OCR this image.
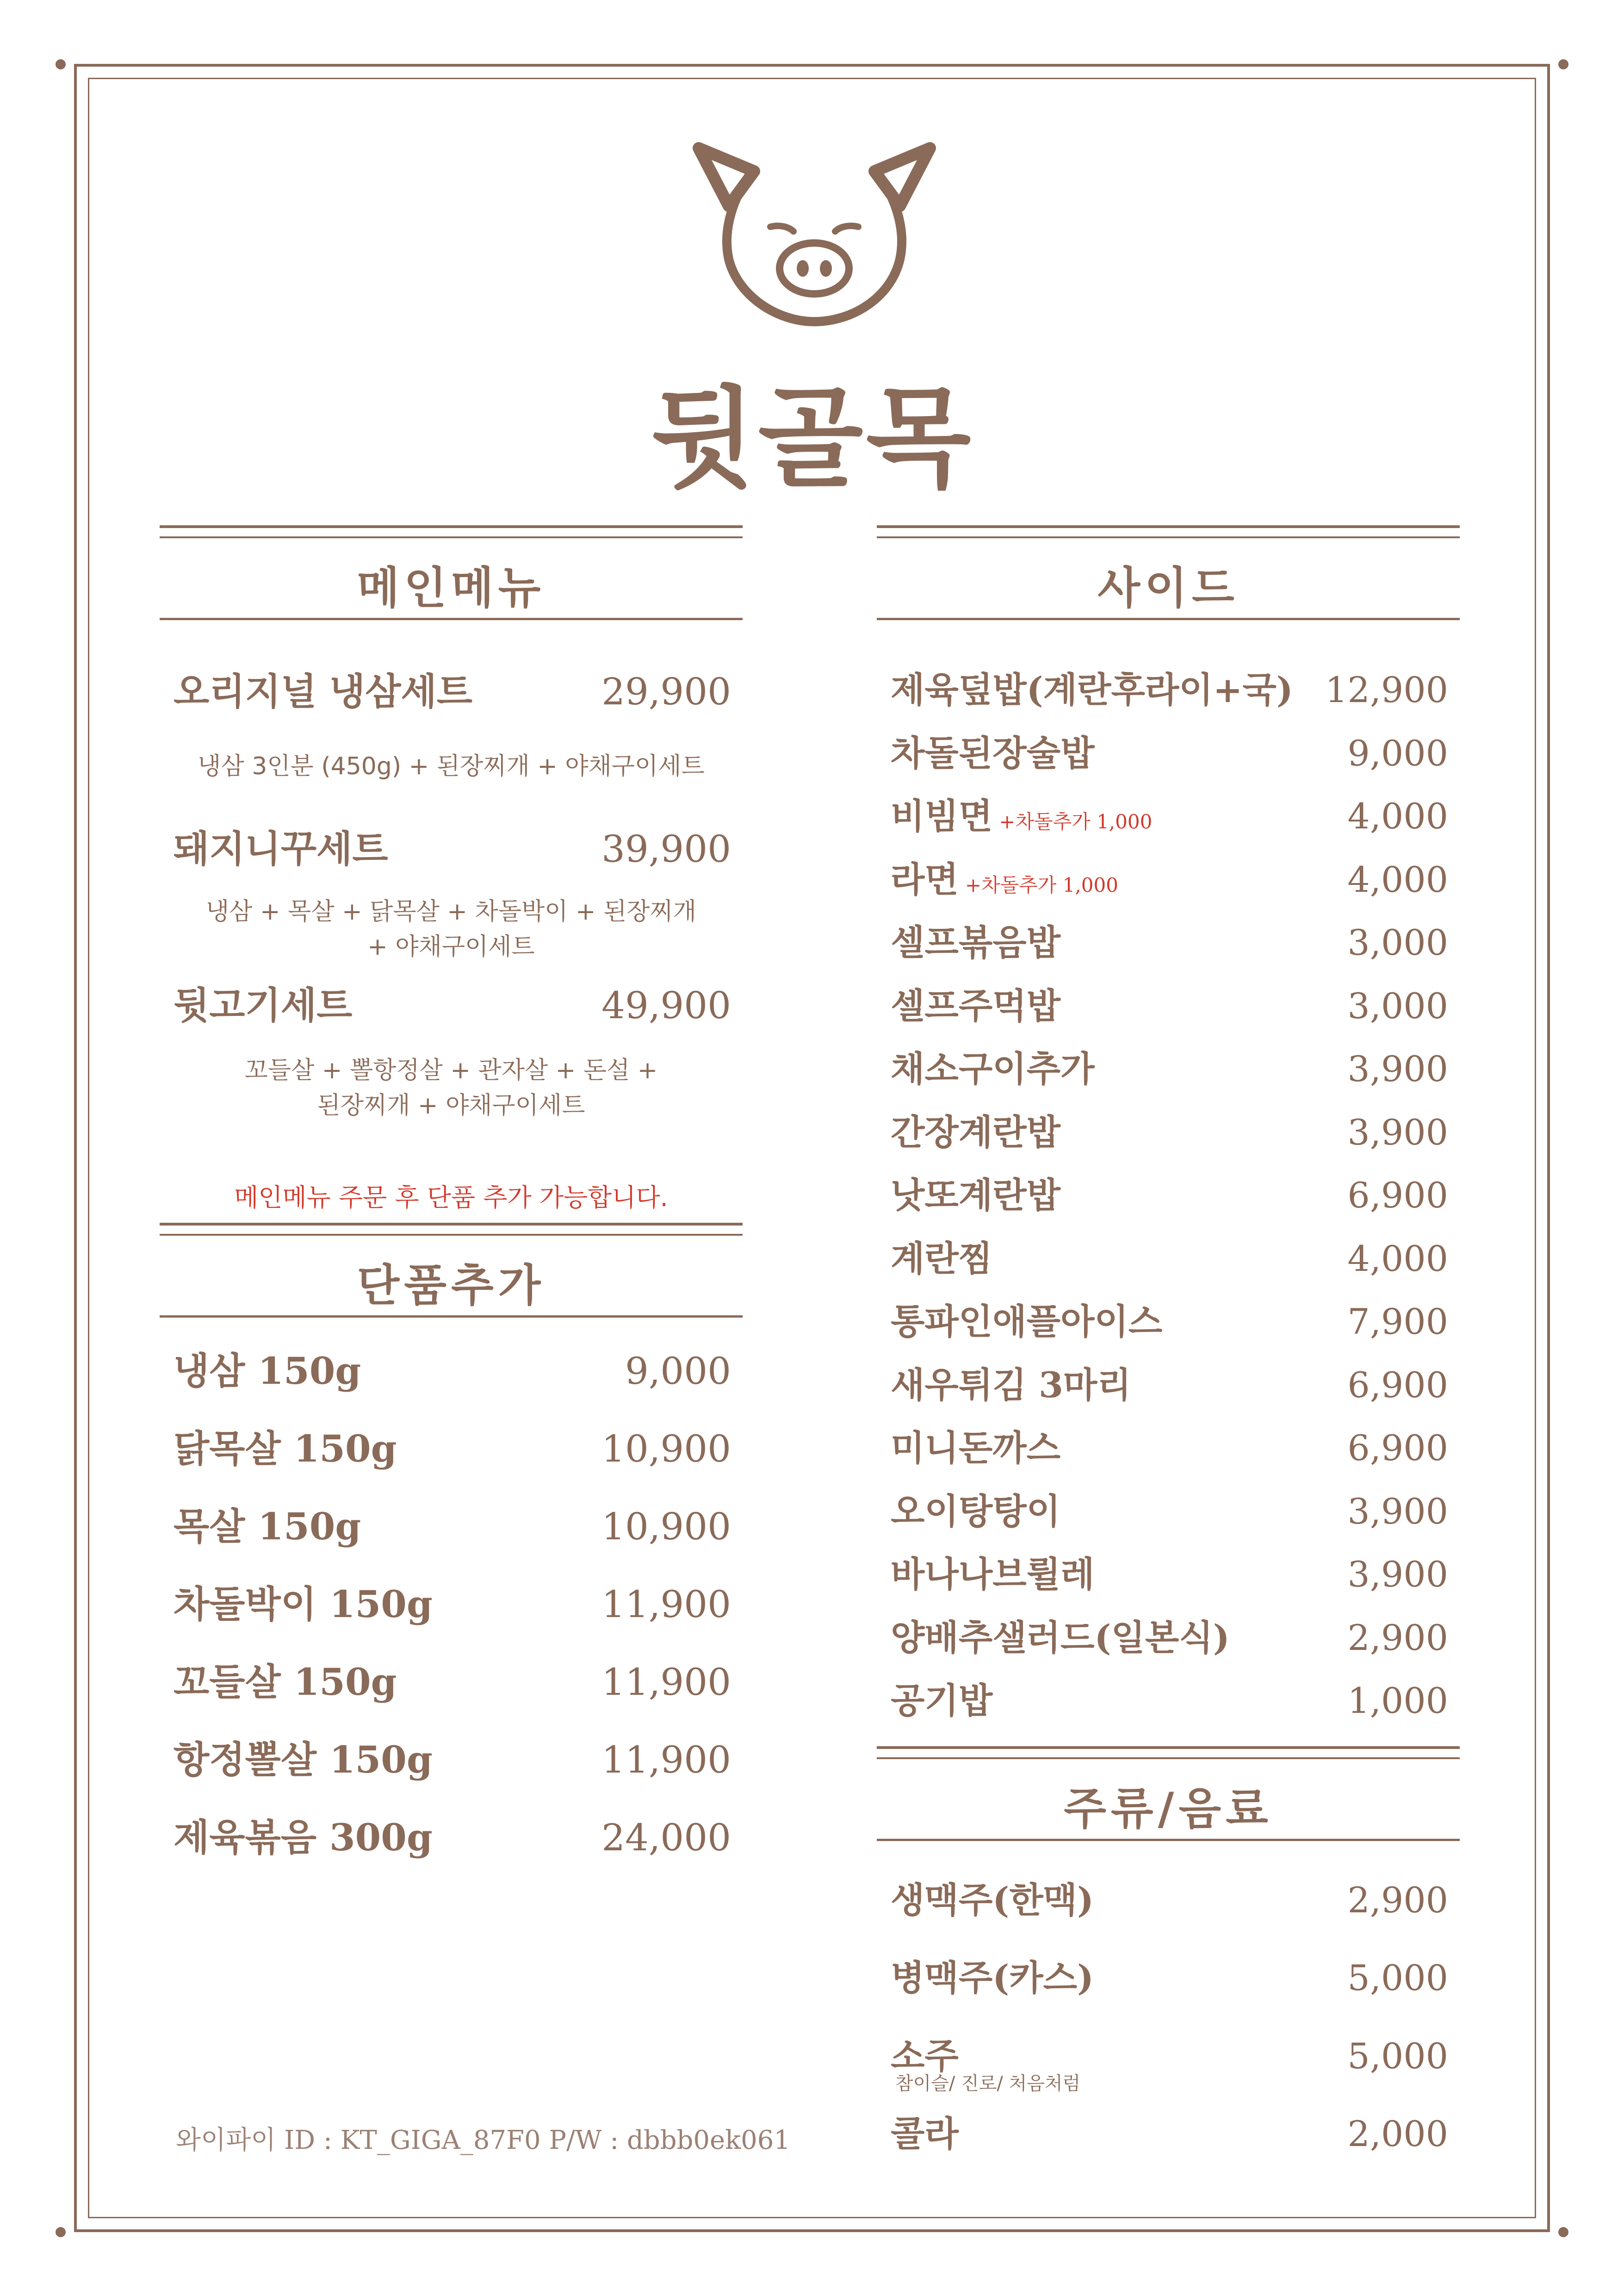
뒷골목
메인메뉴
오리지널 냉삼세트	29,900
냉삼 3인분 (450g) + 된장찌개 + 야채구이세트
돼지니꾸세트	39,900
냉삼 + 목살 + 닭목살 + 차돌박이 + 된장찌개
+ 야채구이세트
뒷고기세트	49,900
꼬들살 + 뽈항정살 + 관자살 + 돈설 +
된장찌개 + 야채구이세트
메인메뉴 주문 후 단품 추가 가능합니다.
단품추가
냉삼 150g	9,000
닭목살 150g	10,900
목살 150g	10,900
차돌박이 150g	11,900
꼬들살 150g	11,900
항정뽈살 150g	11,900
제육볶음 300g	24,000
사이드
제육덮밥(계란후라이+국) 12,900
차돌된장술밥	9,000
비빔면 +차돌추가 1,000	4,000
라면 +차돌추가 1,000	4,000
셀프볶음밥	3,000
셀프주먹밥	3,000
채소구이추가	3,900
간장계란밥	3,900
낫또계란밥	6,900
계란찜	4,000
통파인애플아이스	7,900
새우튀김 3마리	6,900
미니돈까스	6,900
오이탕탕이	3,900
바나나브륄레	3,900
양배추샐러드(일본식)	2,900
공기밥	1,000
주류/음료
생맥주(한맥)	2,900
병맥주(카스)	5,000
소주	5,000
콜라	2,000
참이슬/ 진로/ 처음처럼
와이파이 ID : KT_GIGA_87F0 P/W : dbbb0ek061
